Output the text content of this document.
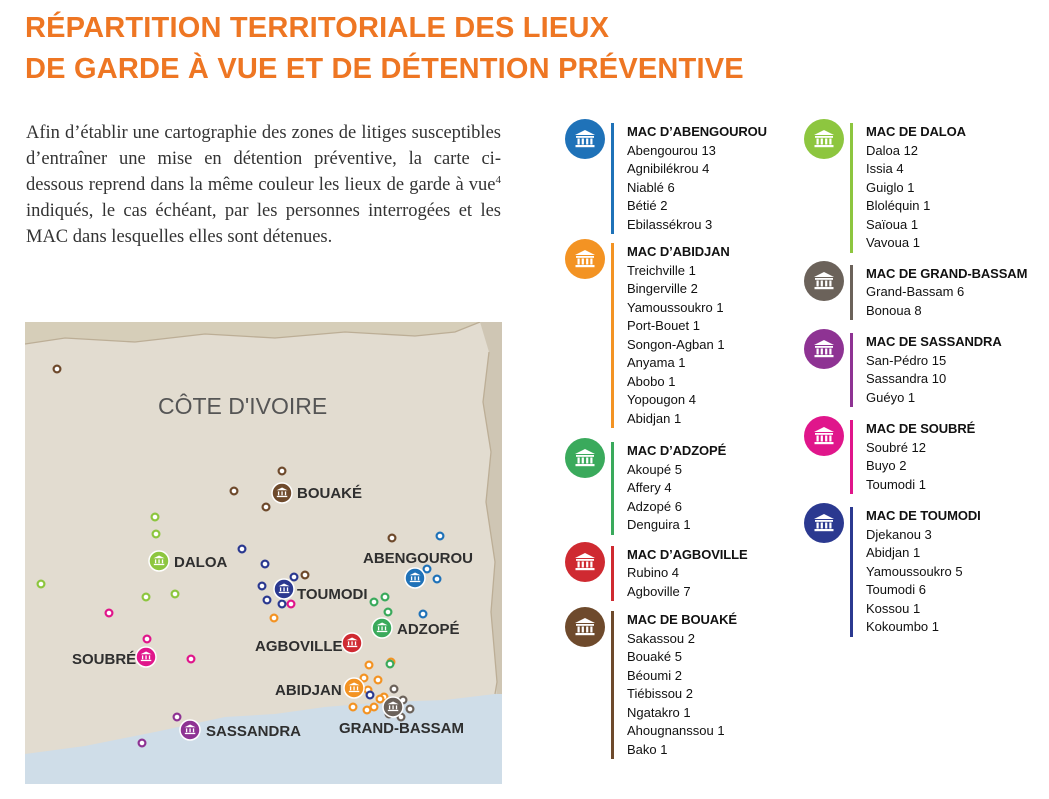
RÉPARTITION TERRITORIALE DES LIEUX
DE GARDE À VUE ET DE DÉTENTION PRÉVENTIVE

Afin d’établir une cartographie des zones de litiges susceptibles d’entraîner une mise en détention préventive, la carte ci-dessous reprend dans la même couleur les lieux de garde à vue$^4$ indiqués, le cas échéant, par les personnes interrogées et les MAC dans lesquelles elles sont détenues.

CÔTE D'IVOIRE
BOUAKÉ
DALOA	ABENGOUROU
TOUMODI
ADZOPÉ
AGBOVILLE
SOUBRÉ
ABIDJAN
SASSANDRA	GRAND-BASSAM
MAC D’ABENGOUROU
Abengourou 13
Agnibilékrou 4
Niablé 6
Bétié 2
Ebilassékrou 3
MAC D’ABIDJAN
Treichville 1
Bingerville 2
Yamoussoukro 1
Port-Bouet 1
Songon-Agban 1
Anyama 1
Abobo 1
Yopougon 4
Abidjan 1
MAC D’ADZOPÉ
Akoupé 5
Affery 4
Adzopé 6
Denguira 1
MAC D’AGBOVILLE
Rubino 4
Agboville 7
MAC DE BOUAKÉ
Sakassou 2
Bouaké 5
Béoumi 2
Tiébissou 2
Ngatakro 1
Ahougnanssou 1
Bako 1
MAC DE DALOA
Daloa 12
Issia 4
Guiglo 1
Bloléquin 1
Saïoua 1
Vavoua 1
MAC DE GRAND-BASSAM
Grand-Bassam 6
Bonoua 8
MAC DE SASSANDRA
San-Pédro 15
Sassandra 10
Guéyo 1
MAC DE SOUBRÉ
Soubré 12
Buyo 2
Toumodi 1
MAC DE TOUMODI
Djekanou 3
Abidjan 1
Yamoussoukro 5
Toumodi 6
Kossou 1
Kokoumbo 1
